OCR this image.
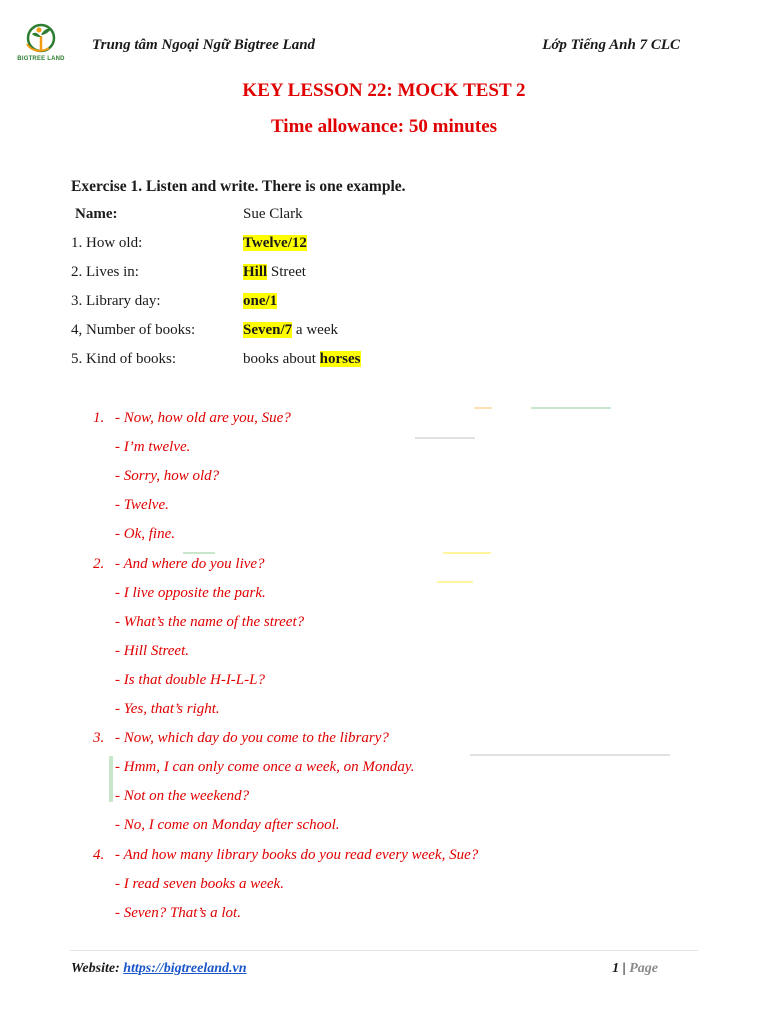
BIGTREE LAND
Trung tâm Ngoại Ngữ Bigtree Land	Lớp Tiếng Anh 7 CLC
KEY LESSON 22: MOCK TEST 2
Time allowance: 50 minutes
Exercise 1. Listen and write. There is one example.
Name:	Sue Clark
1. How old:	Twelve/12
2. Lives in:	Hill Street
3. Library day:	one/1
4, Number of books:	Seven/7 a week
5. Kind of books:	books about horses
1. - Now, how old are you, Sue?
- I’m twelve.
- Sorry, how old?
- Twelve.
- Ok, fine.
2. - And where do you live?
- I live opposite the park.
- What’s the name of the street?
- Hill Street.
- Is that double H-I-L-L?
- Yes, that’s right.
3. - Now, which day do you come to the library?
- Hmm, I can only come once a week, on Monday.
- Not on the weekend?
- No, I come on Monday after school.
4. - And how many library books do you read every week, Sue?
- I read seven books a week.
- Seven? That’s a lot.
Website: https://bigtreeland.vn	1 | Page
